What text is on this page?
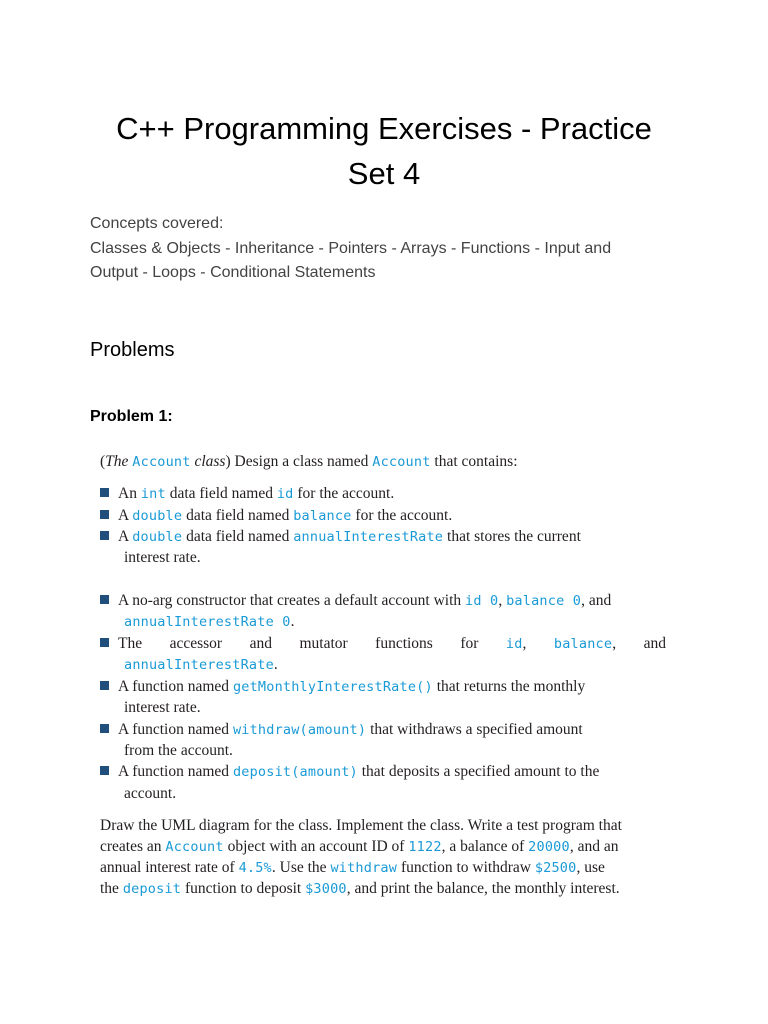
C++ Programming Exercises - Practice
Set 4
Concepts covered:
Classes & Objects - Inheritance - Pointers - Arrays - Functions - Input and
Output - Loops - Conditional Statements
Problems
Problem 1:
(The Account class) Design a class named Account that contains:
An int data field named id for the account.
A double data field named balance for the account.
A double data field named annualInterestRate that stores the current
interest rate.
A no-arg constructor that creates a default account with id 0, balance 0, and
annualInterestRate 0.
The accessor and mutator functions for id, balance, and
annualInterestRate.
A function named getMonthlyInterestRate() that returns the monthly
interest rate.
A function named withdraw(amount) that withdraws a specified amount
from the account.
A function named deposit(amount) that deposits a specified amount to the
account.
Draw the UML diagram for the class. Implement the class. Write a test program that
creates an Account object with an account ID of 1122, a balance of 20000, and an
annual interest rate of 4.5%. Use the withdraw function to withdraw $2500, use
the deposit function to deposit $3000, and print the balance, the monthly interest.
